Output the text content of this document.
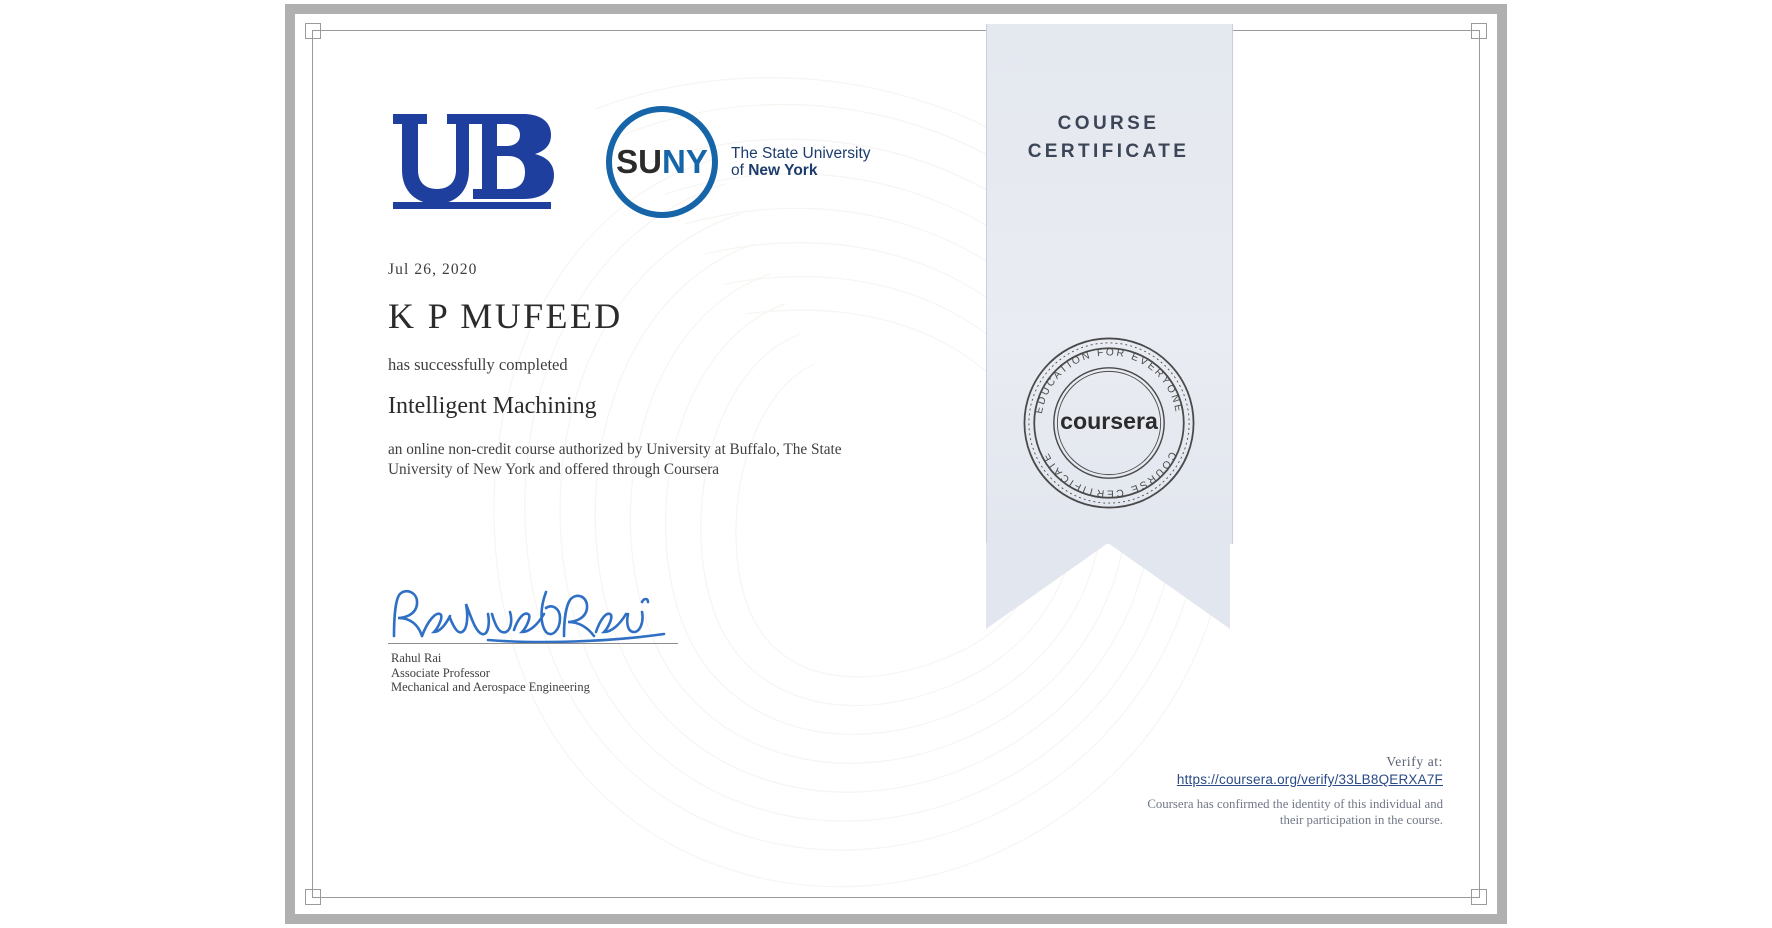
SUNY The State University
of New York
Jul 26, 2020
K P MUFEED
has successfully completed
Intelligent Machining
an online non-credit course authorized by University at Buffalo, The State University of New York and offered through Coursera
Rahul Rai
Associate Professor
Mechanical and Aerospace Engineering
COURSE
CERTIFICATE
EDUCATION FOR EVERYONE
COURSE CERTIFICATE
coursera
Verify at:
https://coursera.org/verify/33LB8QERXA7F
Coursera has confirmed the identity of this individual and
their participation in the course.
